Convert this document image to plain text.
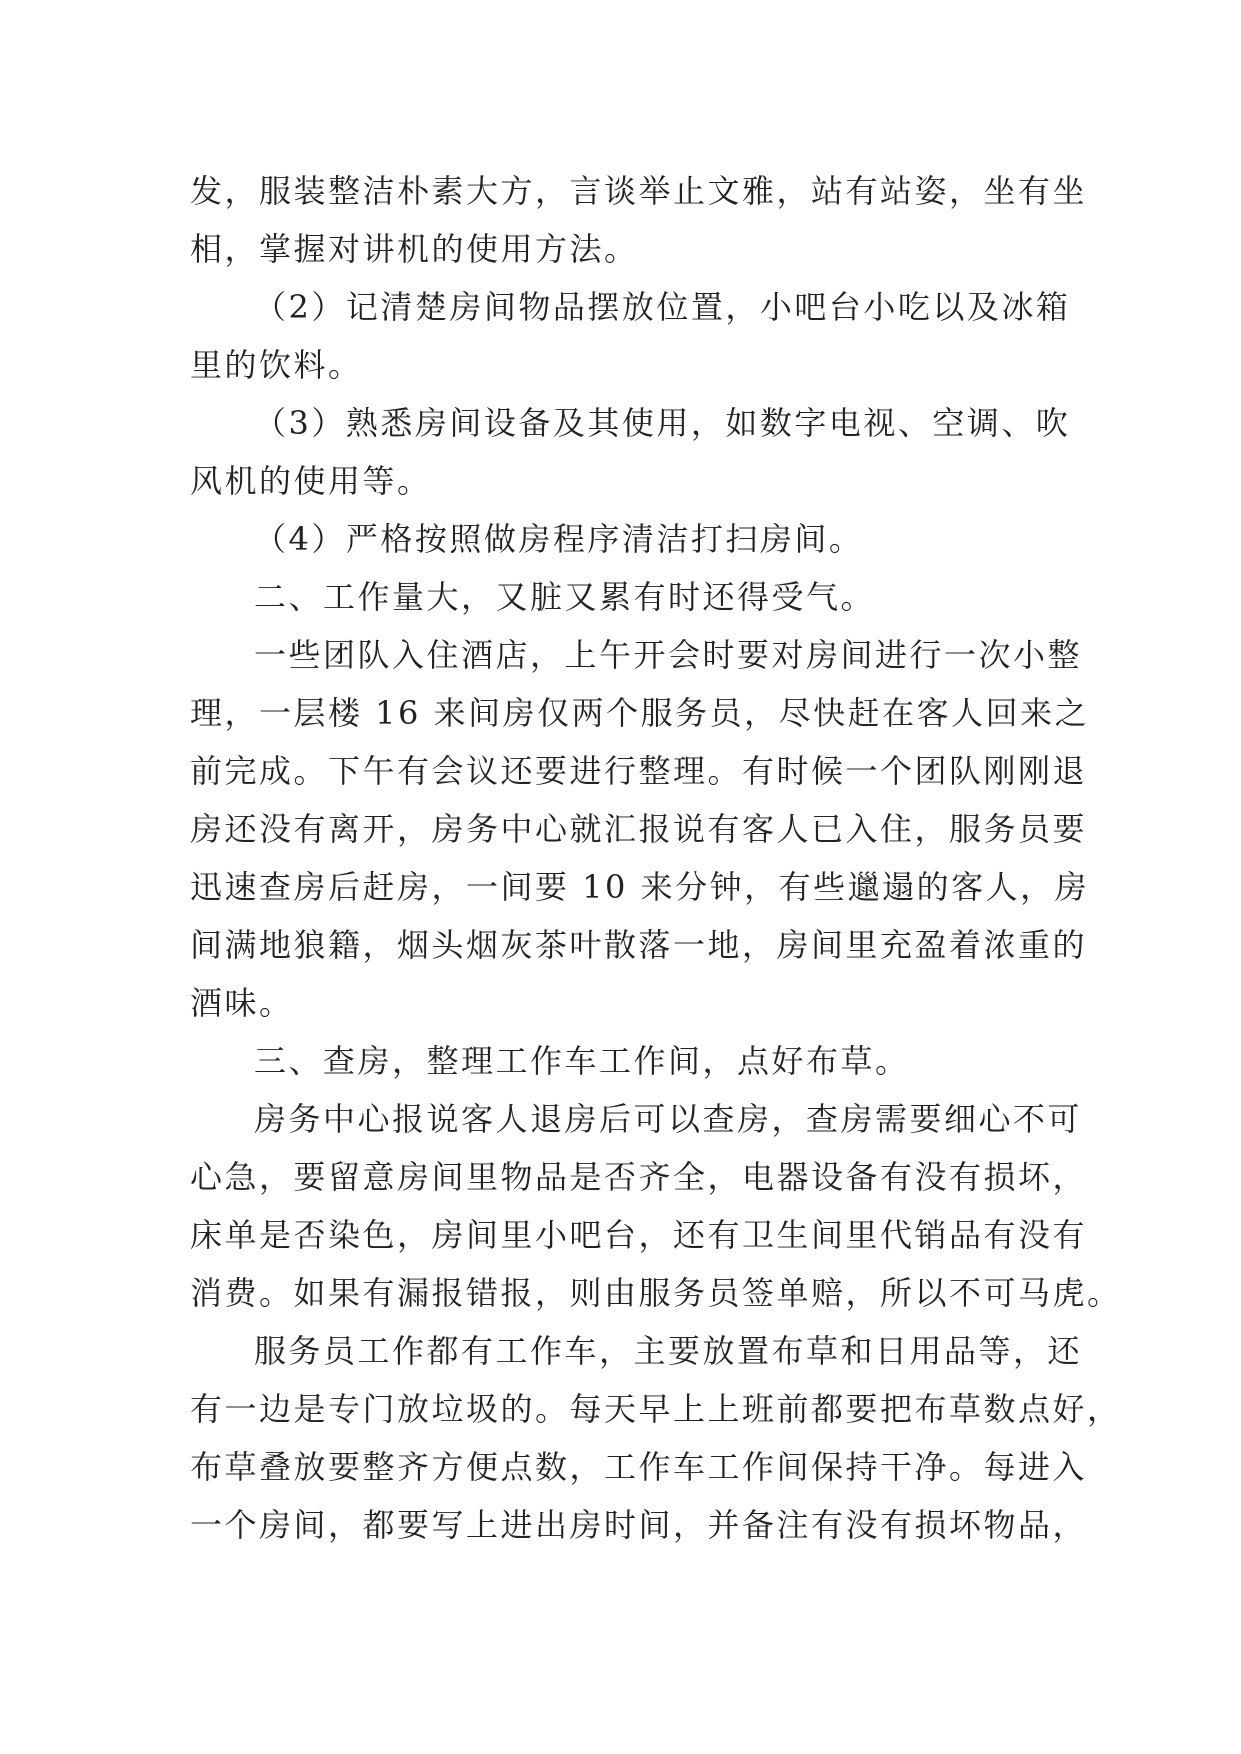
发，服装整洁朴素大方，言谈举止文雅，站有站姿，坐有坐
相，掌握对讲机的使用方法。
（2）记清楚房间物品摆放位置，小吧台小吃以及冰箱
里的饮料。
（3）熟悉房间设备及其使用，如数字电视、空调、吹
风机的使用等。
（4）严格按照做房程序清洁打扫房间。
二、工作量大，又脏又累有时还得受气。
一些团队入住酒店，上午开会时要对房间进行一次小整
理，一层楼 16 来间房仅两个服务员，尽快赶在客人回来之
前完成。下午有会议还要进行整理。有时候一个团队刚刚退
房还没有离开，房务中心就汇报说有客人已入住，服务员要
迅速查房后赶房，一间要 10 来分钟，有些邋遢的客人，房
间满地狼籍，烟头烟灰茶叶散落一地，房间里充盈着浓重的
酒味。
三、查房，整理工作车工作间，点好布草。
房务中心报说客人退房后可以查房，查房需要细心不可
心急，要留意房间里物品是否齐全，电器设备有没有损坏，
床单是否染色，房间里小吧台，还有卫生间里代销品有没有
消费。如果有漏报错报，则由服务员签单赔，所以不可马虎。
服务员工作都有工作车，主要放置布草和日用品等，还
有一边是专门放垃圾的。每天早上上班前都要把布草数点好，
布草叠放要整齐方便点数，工作车工作间保持干净。每进入
一个房间，都要写上进出房时间，并备注有没有损坏物品，
